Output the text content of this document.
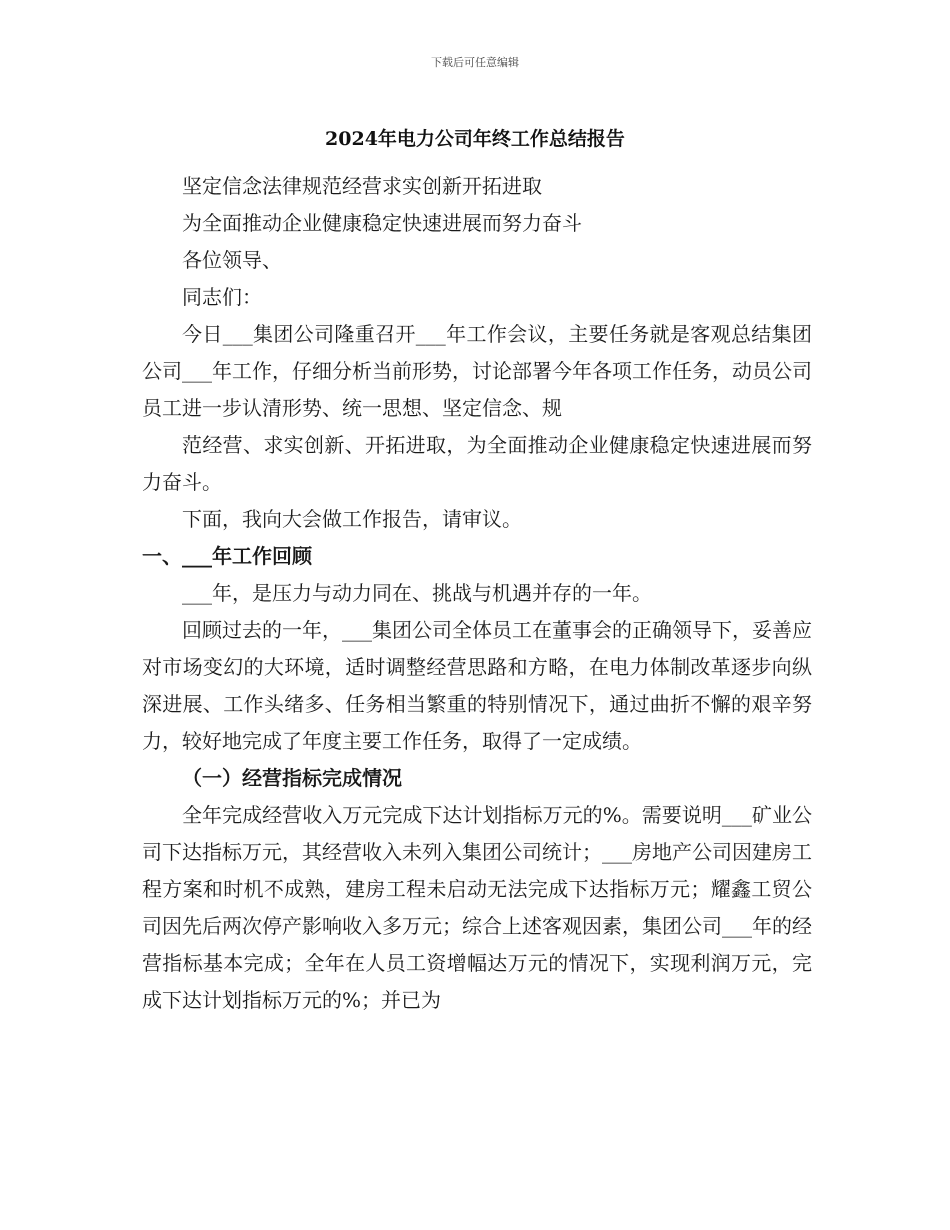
下载后可任意编辑
2024年电力公司年终工作总结报告

坚定信念法律规范经营求实创新开拓进取

为全面推动企业健康稳定快速进展而努力奋斗

各位领导、

同志们：

今日___集团公司隆重召开___年工作会议，主要任务就是客观总结集团公司___年工作，仔细分析当前形势，讨论部署今年各项工作任务，动员公司员工进一步认清形势、统一思想、坚定信念、规

范经营、求实创新、开拓进取，为全面推动企业健康稳定快速进展而努力奋斗。

下面，我向大会做工作报告，请审议。

一、___年工作回顾

___年，是压力与动力同在、挑战与机遇并存的一年。

回顾过去的一年，___集团公司全体员工在董事会的正确领导下，妥善应对市场变幻的大环境，适时调整经营思路和方略，在电力体制改革逐步向纵深进展、工作头绪多、任务相当繁重的特别情况下，通过曲折不懈的艰辛努力，较好地完成了年度主要工作任务，取得了一定成绩。

（一）经营指标完成情况

全年完成经营收入万元完成下达计划指标万元的%。需要说明___矿业公司下达指标万元，其经营收入未列入集团公司统计；___房地产公司因建房工程方案和时机不成熟，建房工程未启动无法完成下达指标万元；耀鑫工贸公司因先后两次停产影响收入多万元；综合上述客观因素，集团公司___年的经营指标基本完成；全年在人员工资增幅达万元的情况下，实现利润万元，完成下达计划指标万元的%；并已为
